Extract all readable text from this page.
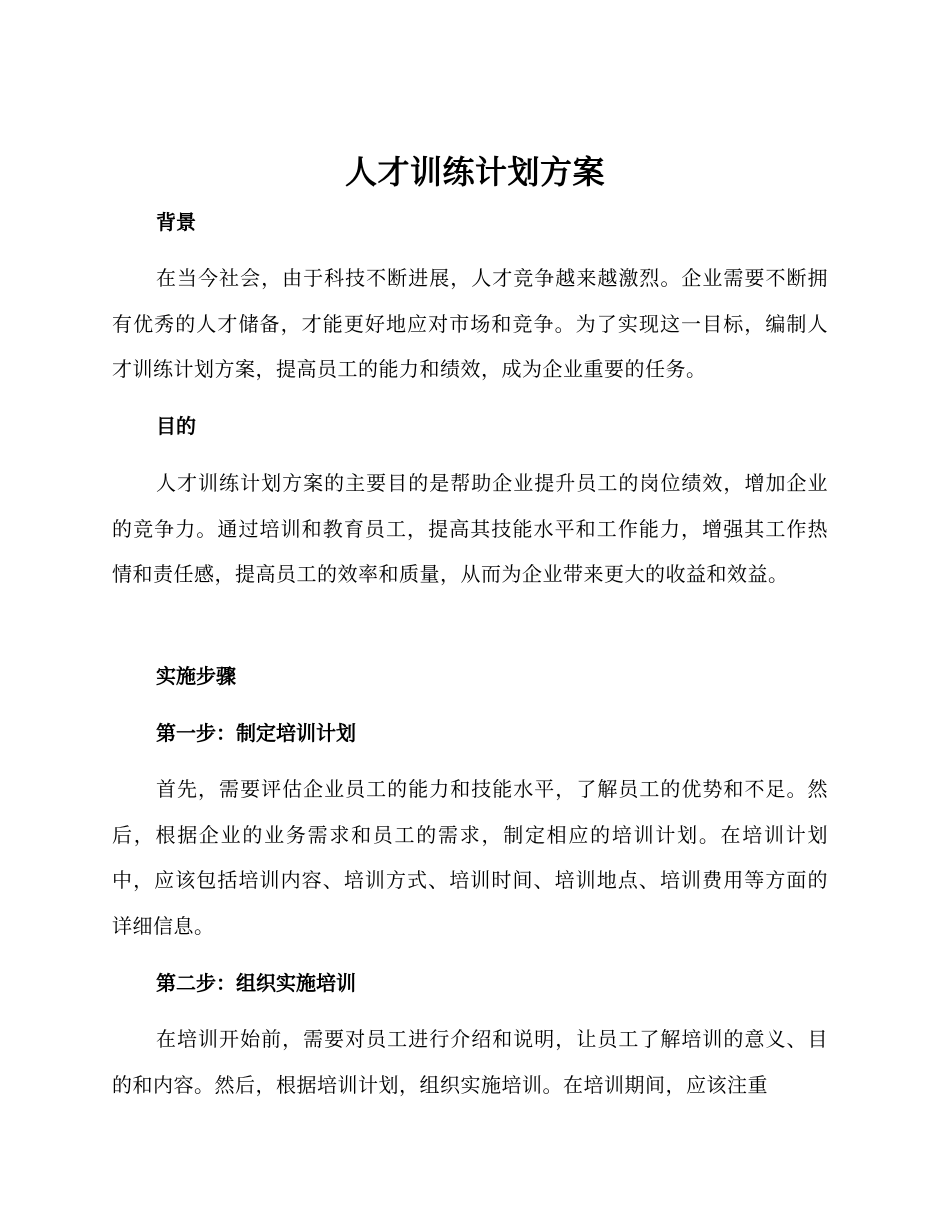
人才训练计划方案
背景

在当今社会，由于科技不断进展，人才竞争越来越激烈。企业需要不断拥有优秀的人才储备，才能更好地应对市场和竞争。为了实现这一目标，编制人才训练计划方案，提高员工的能力和绩效，成为企业重要的任务。

目的

人才训练计划方案的主要目的是帮助企业提升员工的岗位绩效，增加企业的竞争力。通过培训和教育员工，提高其技能水平和工作能力，增强其工作热情和责任感，提高员工的效率和质量，从而为企业带来更大的收益和效益。

实施步骤
第一步：制定培训计划

首先，需要评估企业员工的能力和技能水平，了解员工的优势和不足。然后，根据企业的业务需求和员工的需求，制定相应的培训计划。在培训计划中，应该包括培训内容、培训方式、培训时间、培训地点、培训费用等方面的详细信息。

第二步：组织实施培训

在培训开始前，需要对员工进行介绍和说明，让员工了解培训的意义、目的和内容。然后，根据培训计划，组织实施培训。在培训期间，应该注重
